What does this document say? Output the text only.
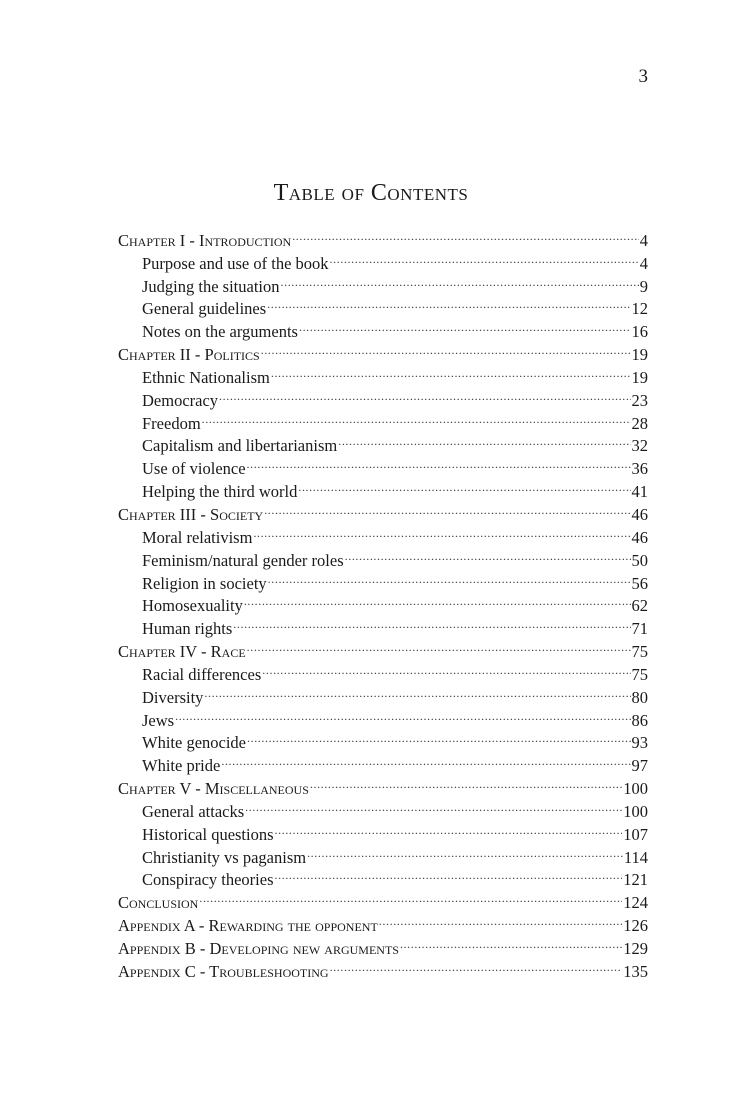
3
Table of Contents
Chapter I - Introduction .....	4
Purpose and use of the book .....	4
Judging the situation .....	9
General guidelines .....	12
Notes on the arguments .....	16
Chapter II - Politics .....	19
Ethnic Nationalism .....	19
Democracy .....	23
Freedom .....	28
Capitalism and libertarianism .....	32
Use of violence .....	36
Helping the third world .....	41
Chapter III - Society .....	46
Moral relativism .....	46
Feminism/natural gender roles .....	50
Religion in society .....	56
Homosexuality .....	62
Human rights .....	71
Chapter IV - Race .....	75
Racial differences .....	75
Diversity .....	80
Jews .....	86
White genocide .....	93
White pride .....	97
Chapter V - Miscellaneous .....	100
General attacks .....	100
Historical questions .....	107
Christianity vs paganism .....	114
Conspiracy theories .....	121
Conclusion .....	124
Appendix A - Rewarding the opponent .....	126
Appendix B - Developing new arguments .....	129
Appendix C - Troubleshooting .....	135
